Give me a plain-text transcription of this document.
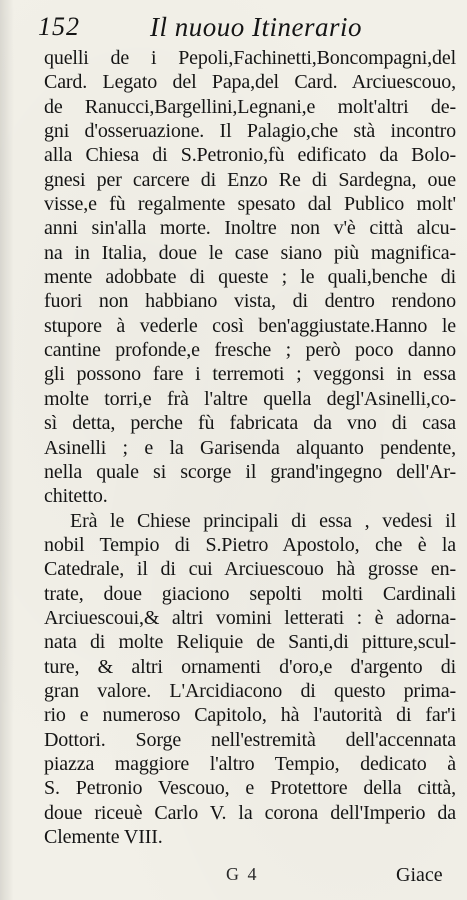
152	Il nuouo Itinerario
quelli de i Pepoli,Fachinetti,Boncompagni,del
Card. Legato del Papa,del Card. Arciuescouo,
de Ranucci,Bargellini,Legnani,e molt'altri de-
gni d'osseruazione. Il Palagio,che stà incontro
alla Chiesa di S.Petronio,fù edificato da Bolo-
gnesi per carcere di Enzo Re di Sardegna, oue
visse,e fù regalmente spesato dal Publico molt'
anni sin'alla morte. Inoltre non v'è città alcu-
na in Italia, doue le case siano più magnifica-
mente adobbate di queste ; le quali,benche di
fuori non habbiano vista, di dentro rendono
stupore à vederle così ben'aggiustate.Hanno le
cantine profonde,e fresche ; però poco danno
gli possono fare i terremoti ; veggonsi in essa
molte torri,e frà l'altre quella degl'Asinelli,co-
sì detta, perche fù fabricata da vno di casa
Asinelli ; e la Garisenda alquanto pendente,
nella quale si scorge il grand'ingegno dell'Ar-
chitetto.
Erà le Chiese principali di essa , vedesi il
nobil Tempio di S.Pietro Apostolo, che è la
Catedrale, il di cui Arciuescouo hà grosse en-
trate, doue giaciono sepolti molti Cardinali
Arciuescoui,& altri vomini letterati : è adorna-
nata di molte Reliquie de Santi,di pitture,scul-
ture, & altri ornamenti d'oro,e d'argento di
gran valore. L'Arcidiacono di questo prima-
rio e numeroso Capitolo, hà l'autorità di far'i
Dottori. Sorge nell'estremità dell'accennata
piazza maggiore l'altro Tempio, dedicato à
S. Petronio Vescouo, e Protettore della città,
doue riceuè Carlo V. la corona dell'Imperio da
Clemente VIII.
G 4	Giace
